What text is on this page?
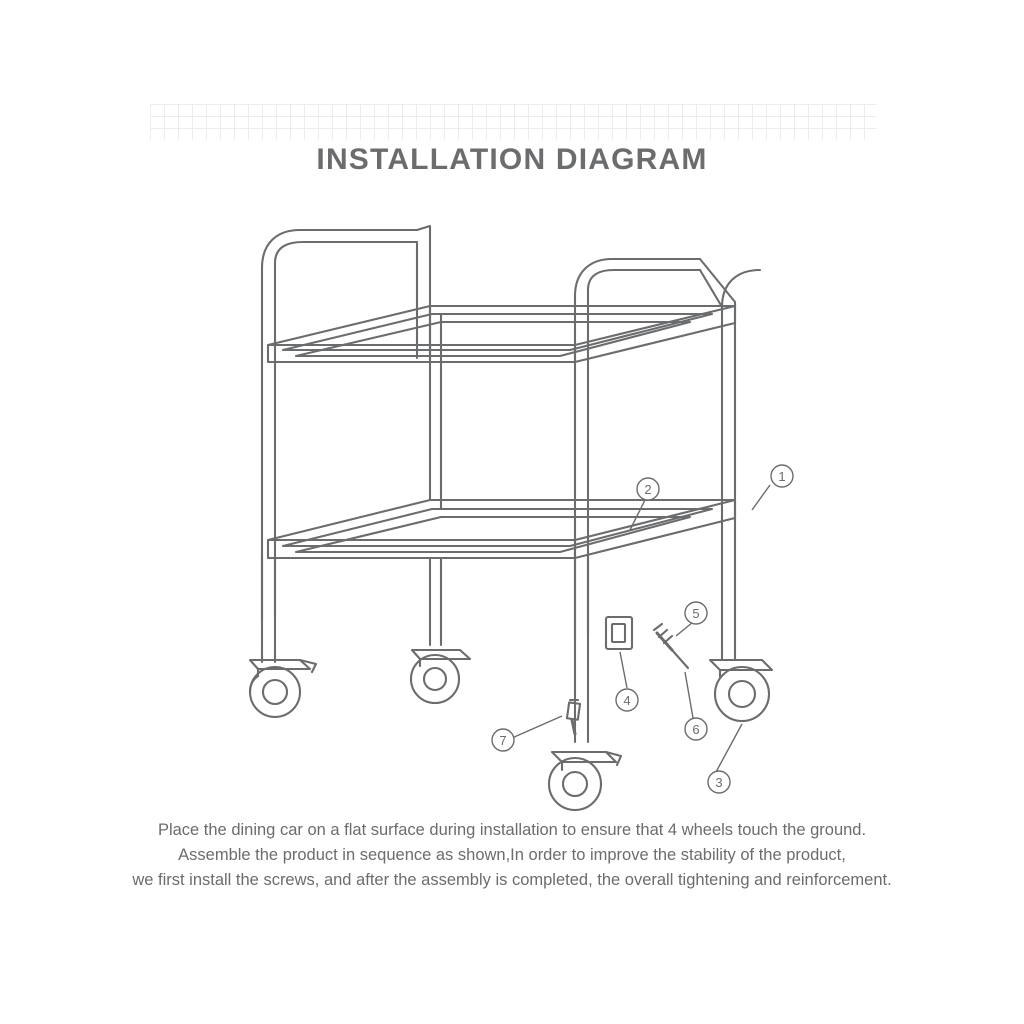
INSTALLATION DIAGRAM
1
2
3
4
5
6
7
Place the dining car on a flat surface during installation to ensure that 4 wheels touch the ground.
Assemble the product in sequence as shown,In order to improve the stability of the product,
we first install the screws, and after the assembly is completed, the overall tightening and reinforcement.
